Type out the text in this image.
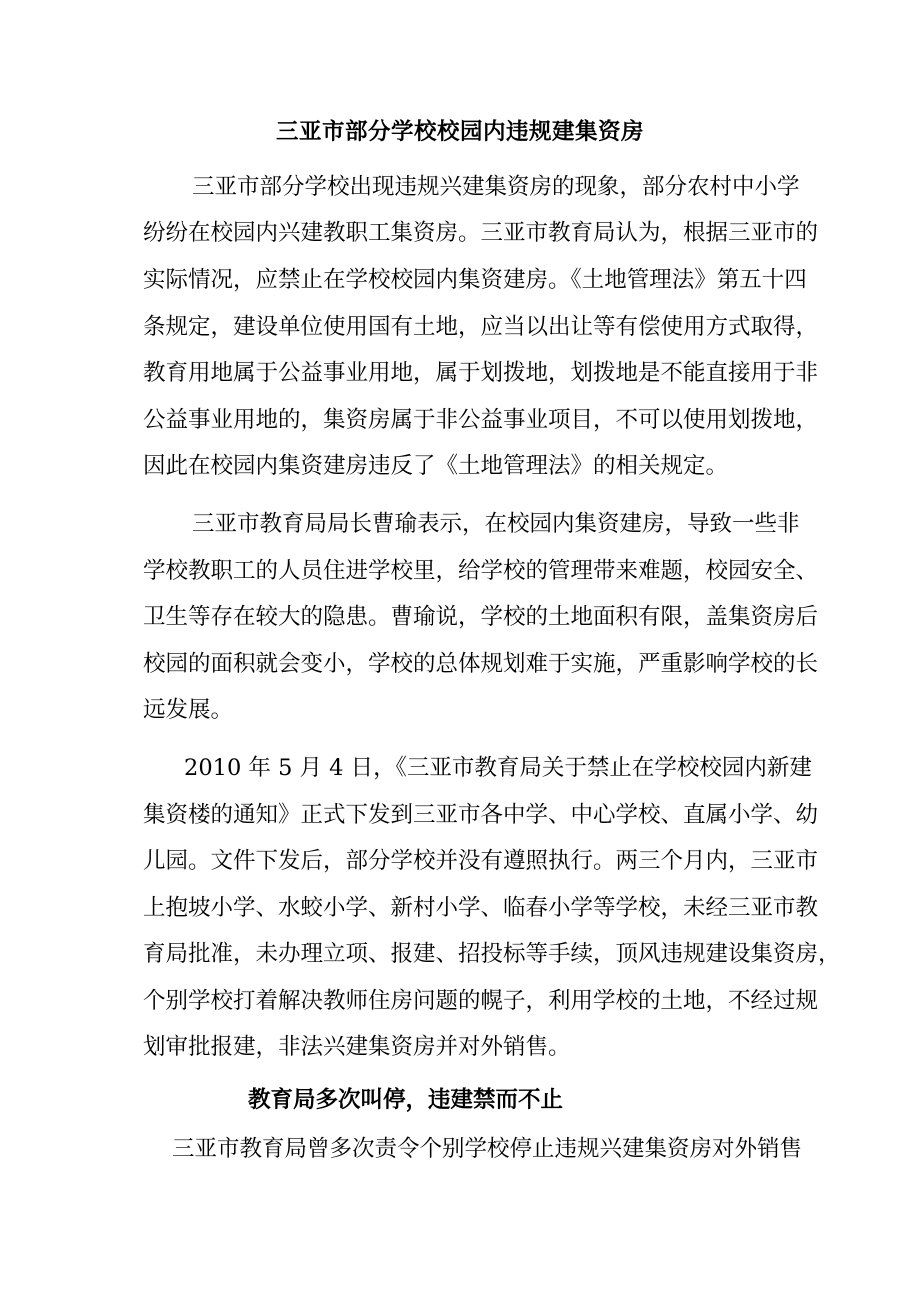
三亚市部分学校校园内违规建集资房
三亚市部分学校出现违规兴建集资房的现象，部分农村中小学
纷纷在校园内兴建教职工集资房。三亚市教育局认为，根据三亚市的
实际情况，应禁止在学校校园内集资建房。《土地管理法》第五十四
条规定，建设单位使用国有土地，应当以出让等有偿使用方式取得，
教育用地属于公益事业用地，属于划拨地，划拨地是不能直接用于非
公益事业用地的，集资房属于非公益事业项目，不可以使用划拨地，
因此在校园内集资建房违反了《土地管理法》的相关规定。
三亚市教育局局长曹瑜表示，在校园内集资建房，导致一些非
学校教职工的人员住进学校里，给学校的管理带来难题，校园安全、
卫生等存在较大的隐患。曹瑜说，学校的土地面积有限，盖集资房后
校园的面积就会变小，学校的总体规划难于实施，严重影响学校的长
远发展。
2010 年 5 月 4 日，《三亚市教育局关于禁止在学校校园内新建
集资楼的通知》正式下发到三亚市各中学、中心学校、直属小学、幼
儿园。文件下发后，部分学校并没有遵照执行。两三个月内，三亚市
上抱坡小学、水蛟小学、新村小学、临春小学等学校，未经三亚市教
育局批准，未办理立项、报建、招投标等手续，顶风违规建设集资房，
个别学校打着解决教师住房问题的幌子，利用学校的土地，不经过规
划审批报建，非法兴建集资房并对外销售。
教育局多次叫停，违建禁而不止
三亚市教育局曾多次责令个别学校停止违规兴建集资房对外销售
